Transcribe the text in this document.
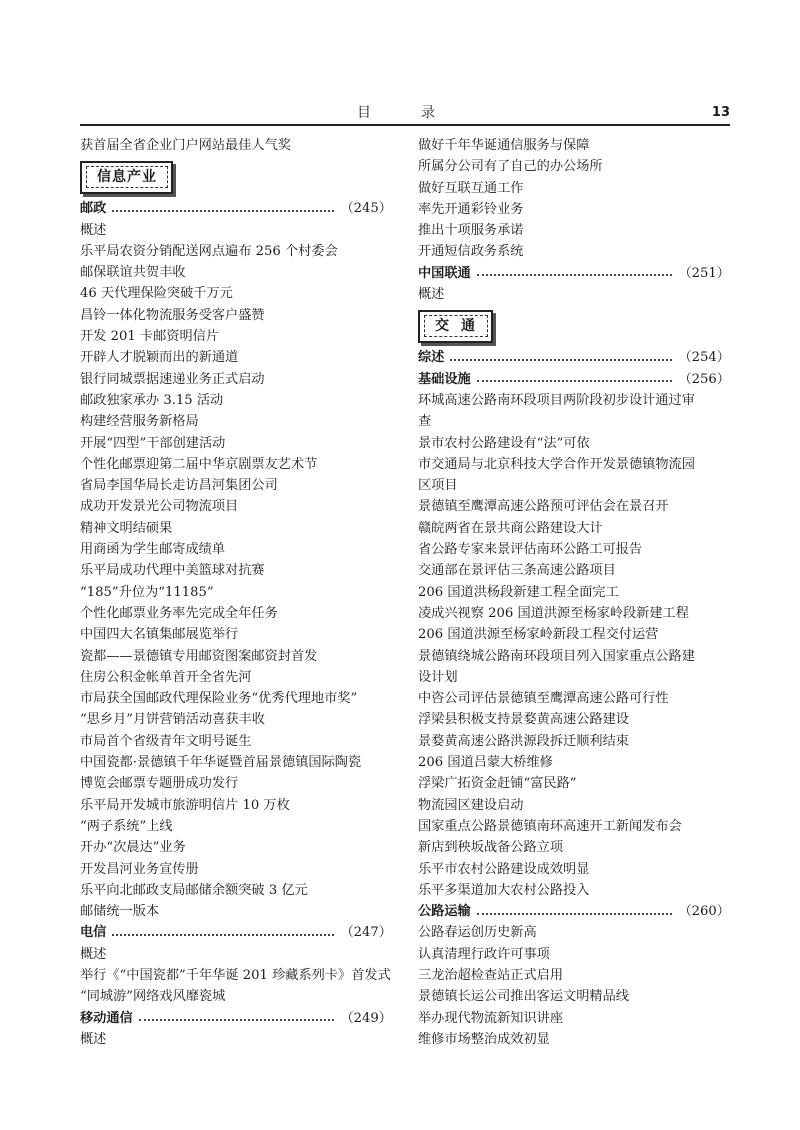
目　录	13
获首届全省企业门户网站最佳人气奖
信息产业
邮政	（245）
概述
乐平局农资分销配送网点遍布 256 个村委会
邮保联谊共贺丰收
46 天代理保险突破千万元
昌铃一体化物流服务受客户盛赞
开发 201 卡邮资明信片
开辟人才脱颖而出的新通道
银行同城票据速递业务正式启动
邮政独家承办 3.15 活动
构建经营服务新格局
开展“四型”干部创建活动
个性化邮票迎第二届中华京剧票友艺术节
省局李国华局长走访昌河集团公司
成功开发景光公司物流项目
精神文明结硕果
用商函为学生邮寄成绩单
乐平局成功代理中美篮球对抗赛
“185”升位为“11185”
个性化邮票业务率先完成全年任务
中国四大名镇集邮展览举行
瓷都——景德镇专用邮资图案邮资封首发
住房公积金帐单首开全省先河
市局获全国邮政代理保险业务“优秀代理地市奖”
“思乡月”月饼营销活动喜获丰收
市局首个省级青年文明号诞生
中国瓷都·景德镇千年华诞暨首届景德镇国际陶瓷
博览会邮票专题册成功发行
乐平局开发城市旅游明信片 10 万枚
“两子系统”上线
开办“次晨达”业务
开发昌河业务宣传册
乐平向北邮政支局邮储余额突破 3 亿元
邮储统一版本
电信	（247）
概述
举行《“中国瓷都”千年华诞 201 珍藏系列卡》首发式
“同城游”网络戏风靡瓷城
移动通信	（249）
概述
做好千年华诞通信服务与保障
所属分公司有了自己的办公场所
做好互联互通工作
率先开通彩铃业务
推出十项服务承诺
开通短信政务系统
中国联通	（251）
概述
交通
综述	（254）
基础设施	（256）
环城高速公路南环段项目两阶段初步设计通过审
查
景市农村公路建设有“法”可依
市交通局与北京科技大学合作开发景德镇物流园
区项目
景德镇至鹰潭高速公路预可评估会在景召开
赣皖两省在景共商公路建设大计
省公路专家来景评估南环公路工可报告
交通部在景评估三条高速公路项目
206 国道洪杨段新建工程全面完工
凌成兴视察 206 国道洪源至杨家岭段新建工程
206 国道洪源至杨家岭新段工程交付运营
景德镇绕城公路南环段项目列入国家重点公路建
设计划
中咨公司评估景德镇至鹰潭高速公路可行性
浮梁县积极支持景婺黄高速公路建设
景婺黄高速公路洪源段拆迁顺利结束
206 国道吕蒙大桥维修
浮梁广拓资金赶铺“富民路”
物流园区建设启动
国家重点公路景德镇南环高速开工新闻发布会
新店到秧坂战备公路立项
乐平市农村公路建设成效明显
乐平多渠道加大农村公路投入
公路运输	（260）
公路春运创历史新高
认真清理行政许可事项
三龙治超检查站正式启用
景德镇长运公司推出客运文明精品线
举办现代物流新知识讲座
维修市场整治成效初显
